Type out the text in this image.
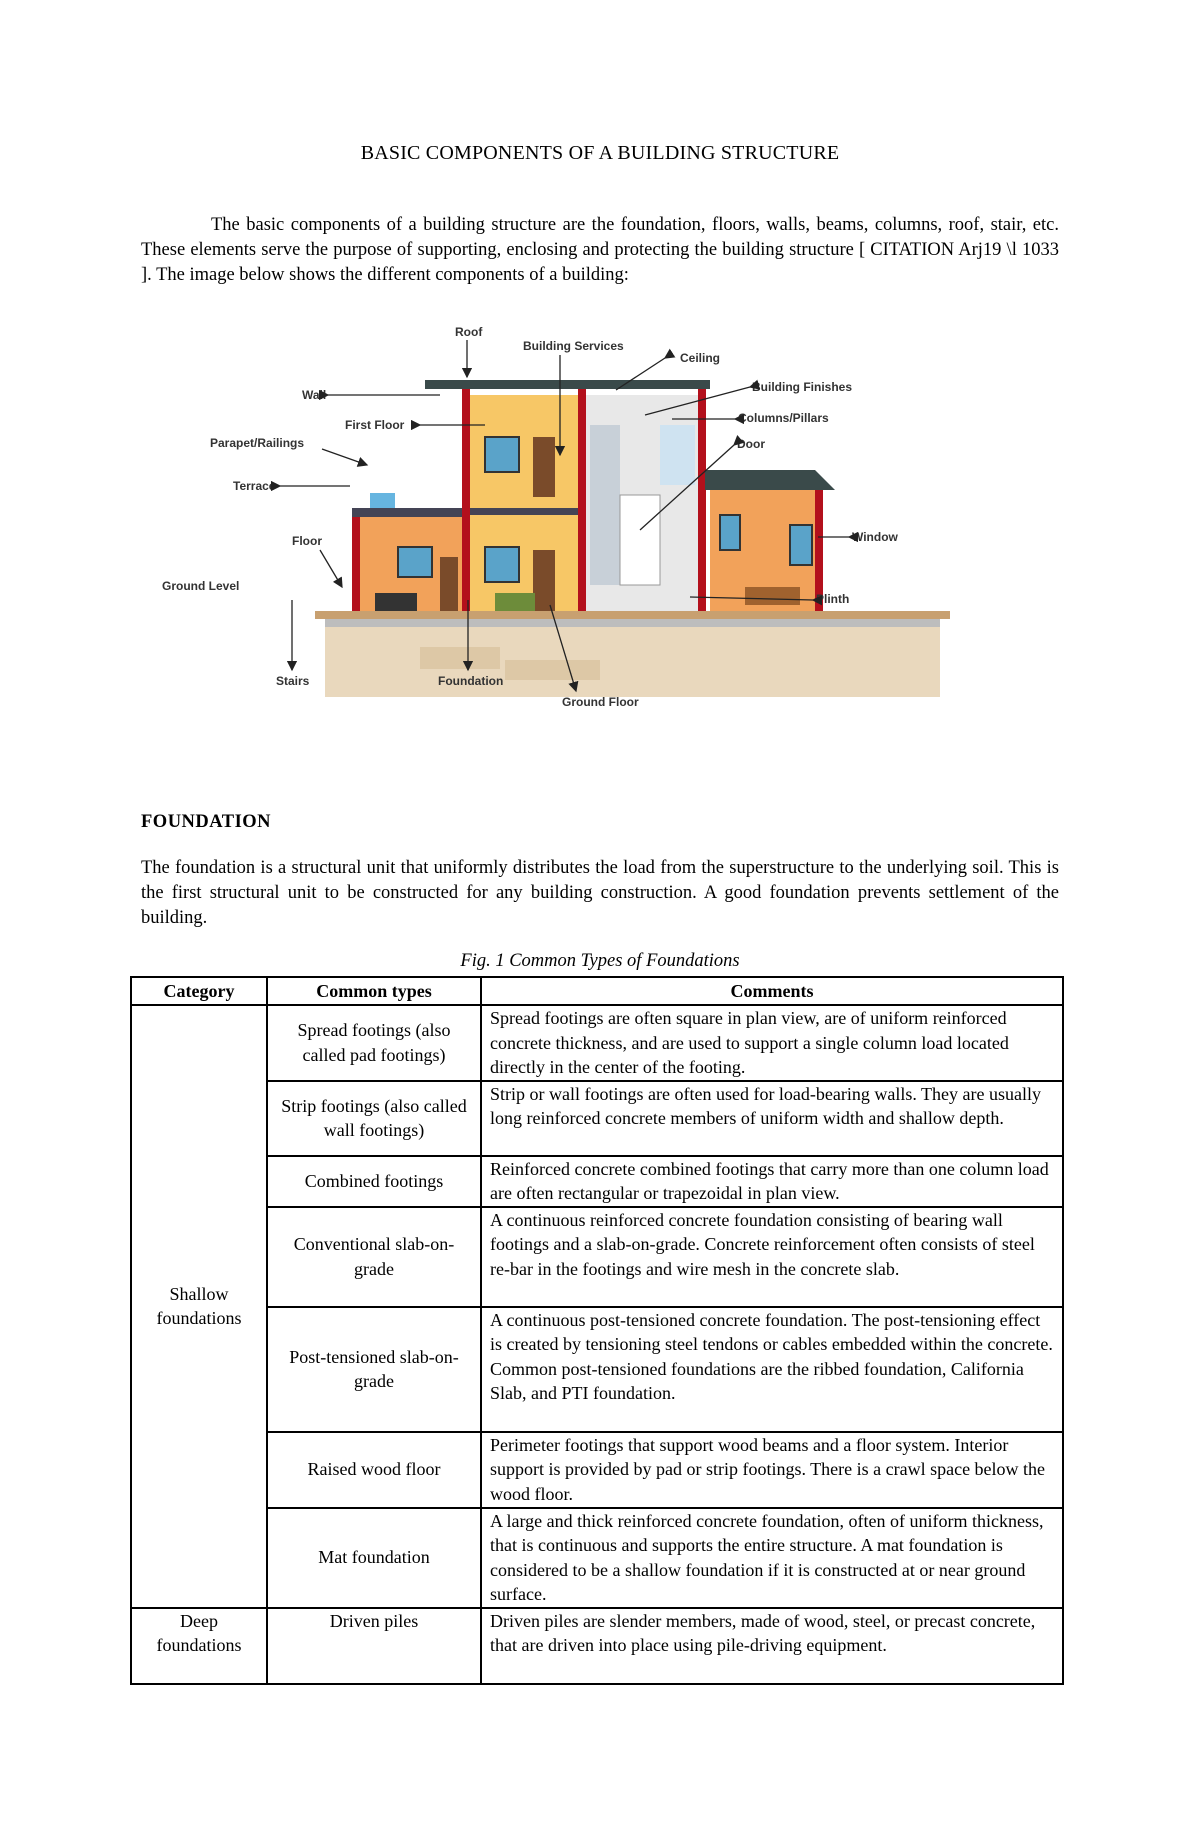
BASIC COMPONENTS OF A BUILDING STRUCTURE

The basic components of a building structure are the foundation, floors, walls, beams, columns, roof, stair, etc. These elements serve the purpose of supporting, enclosing and protecting the building structure [ CITATION Arj19 \l 1033 ]. The image below shows the different components of a building:

Roof
Building Services
Ceiling
Building Finishes
Columns/Pillars
Door
Wall
First Floor
Parapet/Railings
Terrace
Floor	Window
Ground Level
Plinth
Stairs	Foundation
Ground Floor
FOUNDATION

The foundation is a structural unit that uniformly distributes the load from the superstructure to the underlying soil. This is the first structural unit to be constructed for any building construction. A good foundation prevents settlement of the building.

Fig. 1 Common Types of Foundations
Category	Common types	Comments
Shallow foundations	Spread footings (also called pad footings)	Spread footings are often square in plan view, are of uniform reinforced concrete thickness, and are used to support a single column load located directly in the center of the footing.
	Strip footings (also called wall footings)	Strip or wall footings are often used for load-bearing walls. They are usually long reinforced concrete members of uniform width and shallow depth.
	Combined footings	Reinforced concrete combined footings that carry more than one column load are often rectangular or trapezoidal in plan view.
	Conventional slab-on-grade	A continuous reinforced concrete foundation consisting of bearing wall footings and a slab-on-grade. Concrete reinforcement often consists of steel re-bar in the footings and wire mesh in the concrete slab.
	Post-tensioned slab-on-grade	A continuous post-tensioned concrete foundation. The post-tensioning effect is created by tensioning steel tendons or cables embedded within the concrete. Common post-tensioned foundations are the ribbed foundation, California Slab, and PTI foundation.
	Raised wood floor	Perimeter footings that support wood beams and a floor system. Interior support is provided by pad or strip footings. There is a crawl space below the wood floor.
	Mat foundation	A large and thick reinforced concrete foundation, often of uniform thickness, that is continuous and supports the entire structure. A mat foundation is considered to be a shallow foundation if it is constructed at or near ground surface.
Deep foundations	Driven piles	Driven piles are slender members, made of wood, steel, or precast concrete, that are driven into place using pile-driving equipment.
